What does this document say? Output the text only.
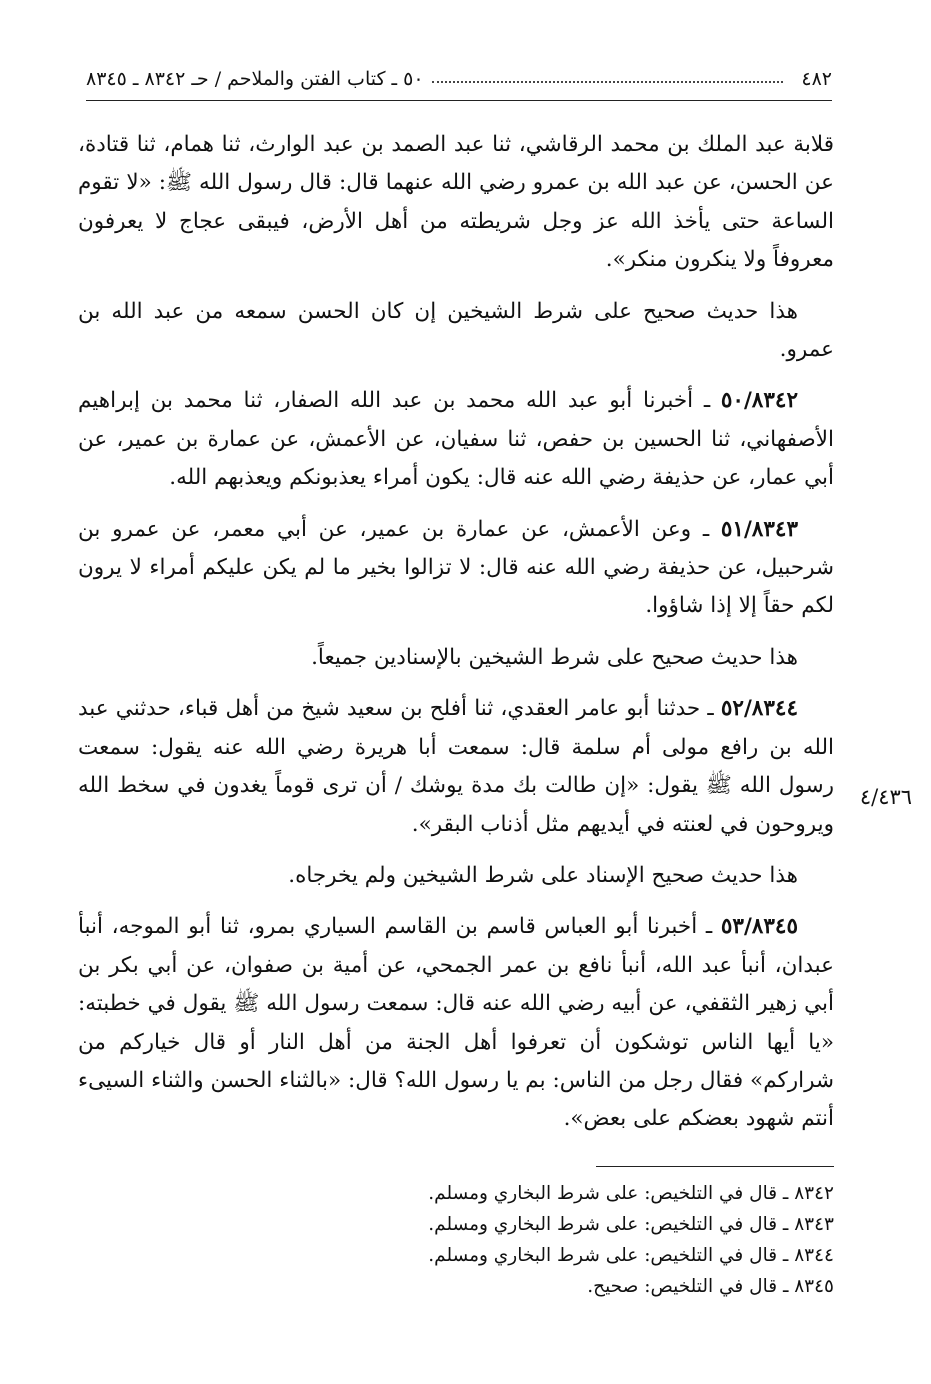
٤٨٢
٥٠ ـ كتاب الفتن والملاحم / حـ ٨٣٤٢ ـ ٨٣٤٥
٤/٤٣٦

قلابة عبد الملك بن محمد الرقاشي، ثنا عبد الصمد بن عبد الوارث، ثنا همام، ثنا قتادة، عن الحسن، عن عبد الله بن عمرو رضي الله عنهما قال: قال رسول الله ﷺ: «لا تقوم الساعة حتى يأخذ الله عز وجل شريطته من أهل الأرض، فيبقى عجاج لا يعرفون معروفاً ولا ينكرون منكر».

هذا حديث صحيح على شرط الشيخين إن كان الحسن سمعه من عبد الله بن عمرو.

٥٠/٨٣٤٢ ـ أخبرنا أبو عبد الله محمد بن عبد الله الصفار، ثنا محمد بن إبراهيم الأصفهاني، ثنا الحسين بن حفص، ثنا سفيان، عن الأعمش، عن عمارة بن عمير، عن أبي عمار، عن حذيفة رضي الله عنه قال: يكون أمراء يعذبونكم ويعذبهم الله.

٥١/٨٣٤٣ ـ وعن الأعمش، عن عمارة بن عمير، عن أبي معمر، عن عمرو بن شرحبيل، عن حذيفة رضي الله عنه قال: لا تزالوا بخير ما لم يكن عليكم أمراء لا يرون لكم حقاً إلا إذا شاؤوا.

هذا حديث صحيح على شرط الشيخين بالإسنادين جميعاً.

٥٢/٨٣٤٤ ـ حدثنا أبو عامر العقدي، ثنا أفلح بن سعيد شيخ من أهل قباء، حدثني عبد الله بن رافع مولى أم سلمة قال: سمعت أبا هريرة رضي الله عنه يقول: سمعت رسول الله ﷺ يقول: «إن طالت بك مدة يوشك / أن ترى قوماً يغدون في سخط الله ويروحون في لعنته في أيديهم مثل أذناب البقر».

هذا حديث صحيح الإسناد على شرط الشيخين ولم يخرجاه.

٥٣/٨٣٤٥ ـ أخبرنا أبو العباس قاسم بن القاسم السياري بمرو، ثنا أبو الموجه، أنبأ عبدان، أنبأ عبد الله، أنبأ نافع بن عمر الجمحي، عن أمية بن صفوان، عن أبي بكر بن أبي زهير الثقفي، عن أبيه رضي الله عنه قال: سمعت رسول الله ﷺ يقول في خطبته: «يا أيها الناس توشكون أن تعرفوا أهل الجنة من أهل النار أو قال خياركم من شراركم» فقال رجل من الناس: بم يا رسول الله؟ قال: «بالثناء الحسن والثناء السيىء أنتم شهود بعضكم على بعض».

٨٣٤٢ ـ قال في التلخيص: على شرط البخاري ومسلم.
٨٣٤٣ ـ قال في التلخيص: على شرط البخاري ومسلم.
٨٣٤٤ ـ قال في التلخيص: على شرط البخاري ومسلم.
٨٣٤٥ ـ قال في التلخيص: صحيح.
